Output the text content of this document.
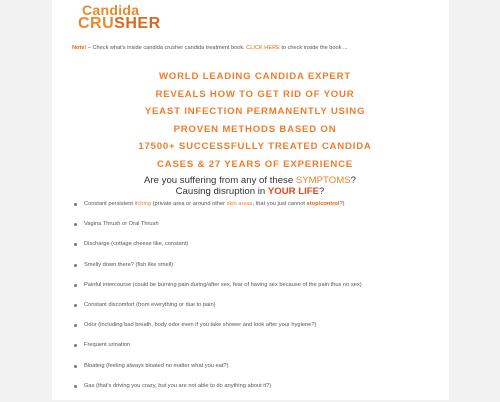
Candida
CRUSHER
Note! – Check what's inside candida crusher candida treatment book. CLICK HERE to check inside the book ...
WORLD LEADING CANDIDA EXPERT
REVEALS HOW TO GET RID OF YOUR
YEAST INFECTION PERMANENTLY USING
PROVEN METHODS BASED ON
17500+ SUCCESSFULLY TREATED CANDIDA
CASES & 27 YEARS OF EXPERIENCE
Are you suffering from any of these SYMPTOMS?
Causing disruption in YOUR LIFE?
Constant persistent itching (private area or around other skin areas, that you just cannot stop/control?)
Vagina Thrush or Oral Thrush
Discharge (cottage cheese like, constant)
Smelly down there? (fish like smell)
Painful intercourse (could be burning pain during/after sex, fear of having sex because of the pain thus no sex)
Constant discomfort (from everything or due to pain)
Odor (including bad breath, body odor even if you take shower and look after your hygiene?)
Frequent urination
Bloating (feeling always bloated no matter what you eat?)
Gas (that's driving you crazy, but you are not able to do anything about it?)
